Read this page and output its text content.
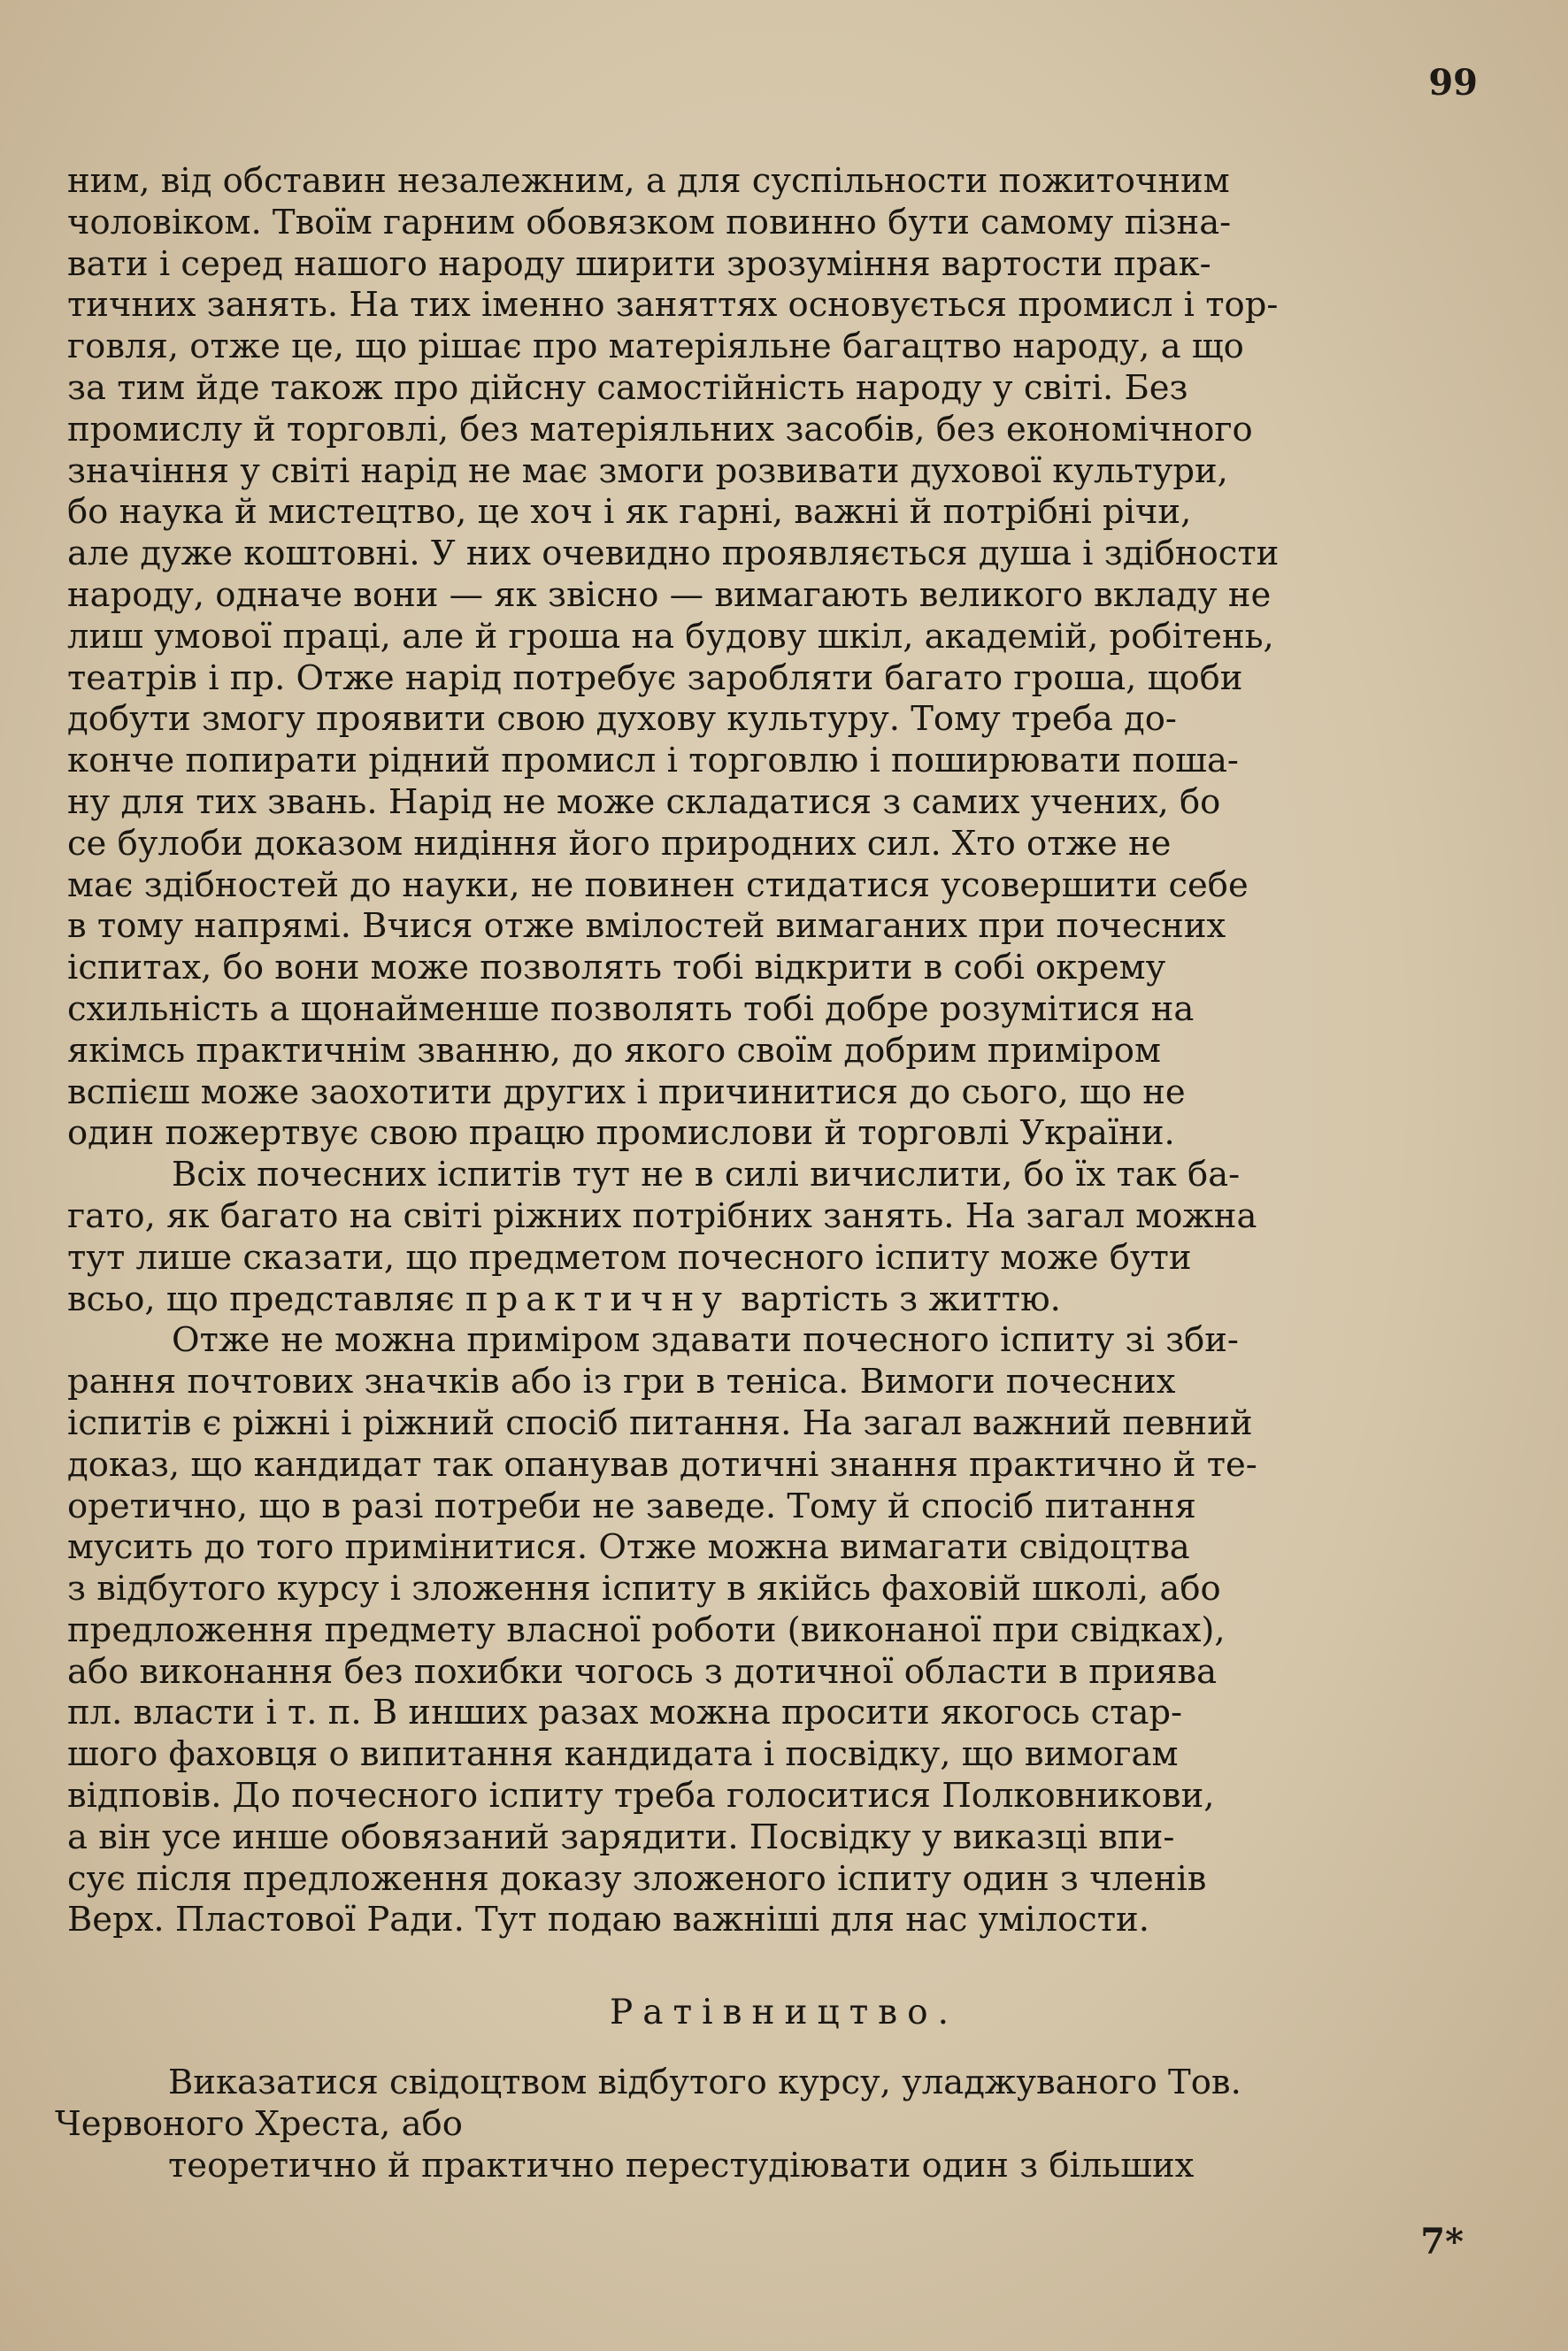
99
ним, від обставин незалежним, а для суспільности пожиточним
чоловіком. Твоїм гарним обовязком повинно бути самому пізна-
вати і серед нашого народу ширити зрозуміння вартости прак-
тичних занять. На тих іменно заняттях основується промисл і тор-
говля, отже це, що рішає про матеріяльне багацтво народу, а що
за тим йде також про дійсну самостійність народу у світі. Без
промислу й торговлі, без матеріяльних засобів, без економічного
значіння у світі нарід не має змоги розвивати духової культури,
бо наука й мистецтво, це хоч і як гарні, важні й потрібні річи,
але дуже коштовні. У них очевидно проявляється душа і здібности
народу, одначе вони — як звісно — вимагають великого вкладу не
лиш умової праці, але й гроша на будову шкіл, академій, робітень,
театрів і пр. Отже нарід потребує заробляти багато гроша, щоби
добути змогу проявити свою духову культуру. Тому треба до-
конче попирати рідний промисл і торговлю і поширювати поша-
ну для тих звань. Нарід не може складатися з самих учених, бо
се булоби доказом нидіння його природних сил. Хто отже не
має здібностей до науки, не повинен стидатися усовершити себе
в тому напрямі. Вчися отже вмілостей вимаганих при почесних
іспитах, бо вони може позволять тобі відкрити в собі окрему
схильність а щонайменше позволять тобі добре розумітися на
якімсь практичнім званню, до якого своїм добрим приміром
вспієш може заохотити других і причинитися до сього, що не
один пожертвує свою працю промислови й торговлі України.
Всіх почесних іспитів тут не в силі вичислити, бо їх так ба-
гато, як багато на світі ріжних потрібних занять. На загал можна
тут лише сказати, що предметом почесного іспиту може бути
всьо, що представляє практичну вартість з життю.
Отже не можна приміром здавати почесного іспиту зі зби-
рання почтових значків або із гри в теніса. Вимоги почесних
іспитів є ріжні і ріжний спосіб питання. На загал важний певний
доказ, що кандидат так опанував дотичні знання практично й те-
оретично, що в разі потреби не заведе. Тому й спосіб питання
мусить до того примінитися. Отже можна вимагати свідоцтва
з відбутого курсу і зложення іспиту в якійсь фаховій школі, або
предложення предмету власної роботи (виконаної при свідках),
або виконання без похибки чогось з дотичної области в приява
пл. власти і т. п. В инших разах можна просити якогось стар-
шого фаховця о випитання кандидата і посвідку, що вимогам
відповів. До почесного іспиту треба голоситися Полковникови,
а він усе инше обовязаний зарядити. Посвідку у виказці впи-
сує після предложення доказу зложеного іспиту один з членів
Верх. Пластової Ради. Тут подаю важніші для нас умілости.
Ратівництво.
Виказатися свідоцтвом відбутого курсу, уладжуваного Тов.
Червоного Хреста, або
теоретично й практично перестудіювати один з більших
7*
